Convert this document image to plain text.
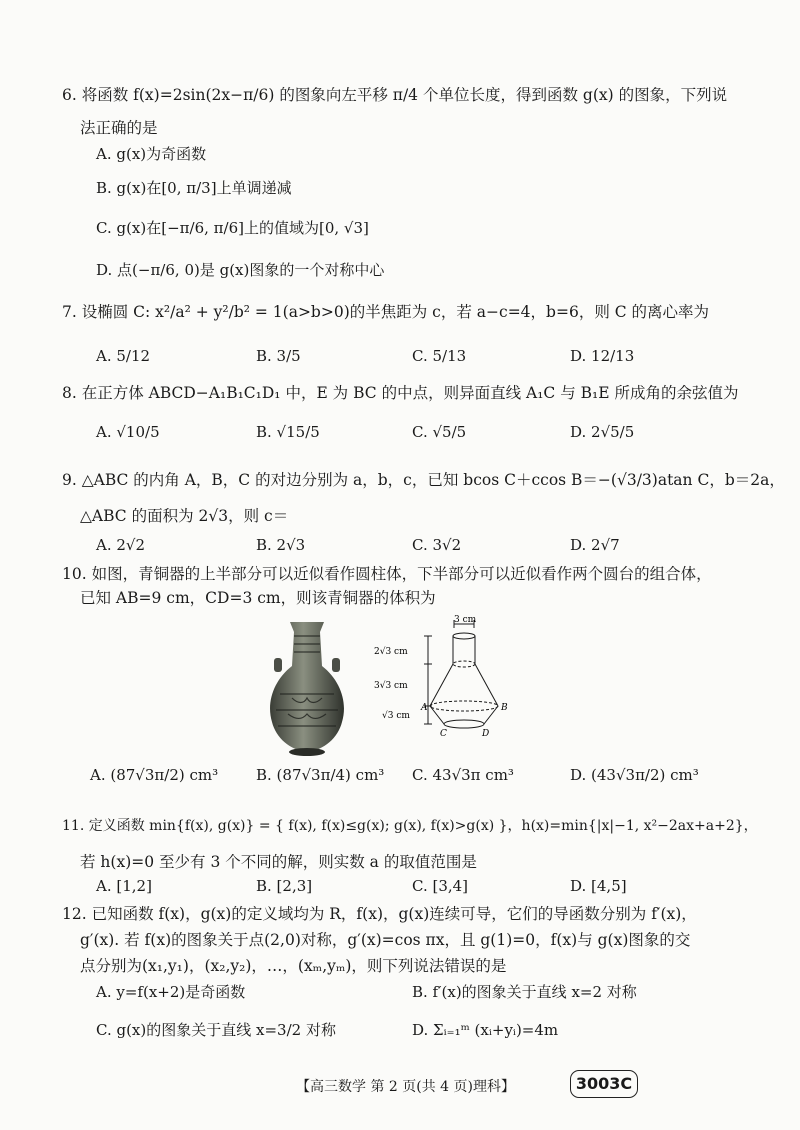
6. 将函数 f(x)=2sin(2x−π/6) 的图象向左平移 π/4 个单位长度，得到函数 g(x) 的图象，下列说
法正确的是
A. g(x)为奇函数
B. g(x)在[0, π/3]上单调递减
C. g(x)在[−π/6, π/6]上的值域为[0, √3]
D. 点(−π/6, 0)是 g(x)图象的一个对称中心
7. 设椭圆 C: x²/a² + y²/b² = 1(a>b>0)的半焦距为 c，若 a−c=4，b=6，则 C 的离心率为
A. 5/12	B. 3/5	C. 5/13	D. 12/13
8. 在正方体 ABCD−A₁B₁C₁D₁ 中，E 为 BC 的中点，则异面直线 A₁C 与 B₁E 所成角的余弦值为
A. √10/5	B. √15/5	C. √5/5	D. 2√5/5
9. △ABC 的内角 A，B，C 的对边分别为 a，b，c，已知 bcos C＋ccos B＝−(√3/3)atan C，b＝2a，
△ABC 的面积为 2√3，则 c＝
A. 2√2	B. 2√3	C. 3√2	D. 2√7
10. 如图，青铜器的上半部分可以近似看作圆柱体，下半部分可以近似看作两个圆台的组合体，
已知 AB=9 cm，CD=3 cm，则该青铜器的体积为
3 cm
2√3 cm
3√3 cm
√3 cm
A	B
C	D
A. (87√3π/2) cm³	B. (87√3π/4) cm³ C. 43√3π cm³	D. (43√3π/2) cm³
11. 定义函数 min{f(x), g(x)} = { f(x), f(x)≤g(x); g(x), f(x)>g(x) }，h(x)=min{|x|−1, x²−2ax+a+2}，
若 h(x)=0 至少有 3 个不同的解，则实数 a 的取值范围是
A. [1,2]	B. [2,3]	C. [3,4]	D. [4,5]
12. 已知函数 f(x)，g(x)的定义域均为 R，f(x)，g(x)连续可导，它们的导函数分别为 f′(x)，
g′(x). 若 f(x)的图象关于点(2,0)对称，g′(x)=cos πx，且 g(1)=0，f(x)与 g(x)图象的交
点分别为(x₁,y₁)，(x₂,y₂)，…，(xₘ,yₘ)，则下列说法错误的是
A. y=f(x+2)是奇函数	B. f′(x)的图象关于直线 x=2 对称
C. g(x)的图象关于直线 x=3/2 对称	D. Σᵢ₌₁ᵐ (xᵢ+yᵢ)=4m
【高三数学 第 2 页(共 4 页)理科】	3003C
